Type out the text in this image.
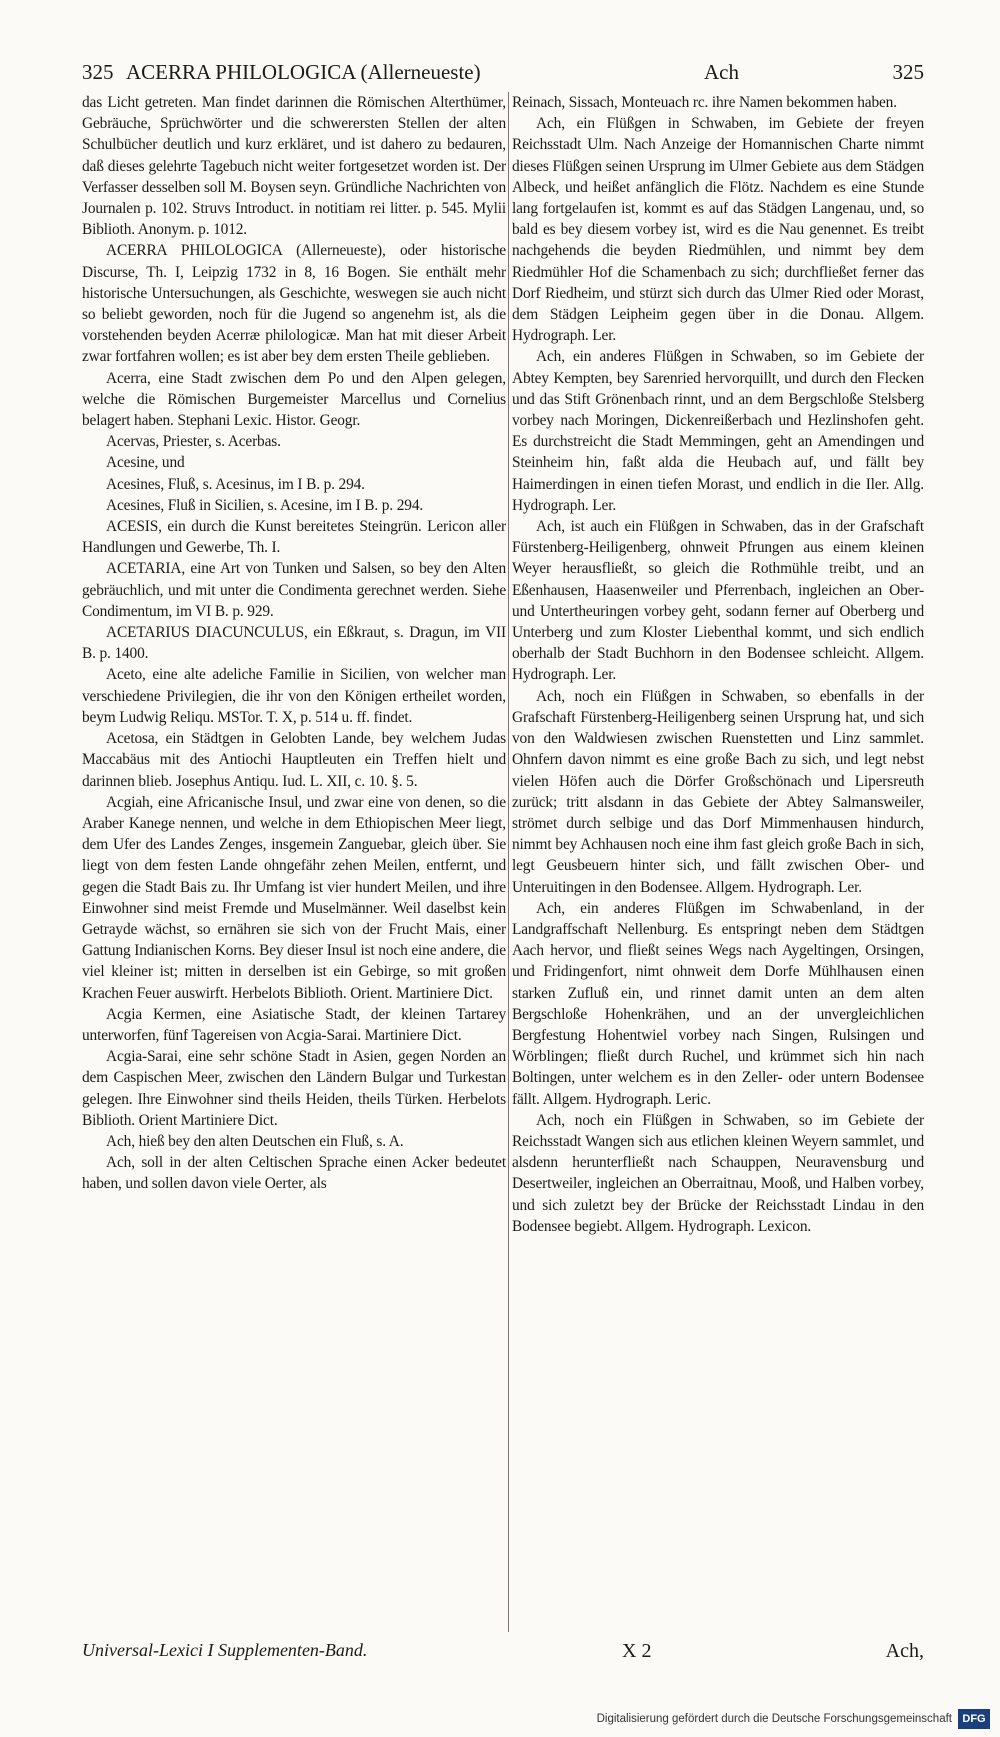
325 ACERRA PHILOLOGICA (Allerneueste)	Ach	325

das Licht getreten. Man findet darinnen die Römischen Alterthümer, Gebräuche, Sprüchwörter und die schwerersten Stellen der alten Schulbücher deutlich und kurz erkläret, und ist dahero zu bedauren, daß dieses gelehrte Tagebuch nicht weiter fortgesetzet worden ist. Der Verfasser desselben soll M. Boysen seyn. Gründliche Nachrichten von Journalen p. 102. Struvs Introduct. in notitiam rei litter. p. 545. Mylii Biblioth. Anonym. p. 1012.

ACERRA PHILOLOGICA (Allerneueste), oder historische Discurse, Th. I, Leipzig 1732 in 8, 16 Bogen. Sie enthält mehr historische Untersuchungen, als Geschichte, weswegen sie auch nicht so beliebt geworden, noch für die Jugend so angenehm ist, als die vorstehenden beyden Acerræ philologicæ. Man hat mit dieser Arbeit zwar fortfahren wollen; es ist aber bey dem ersten Theile geblieben.

Acerra, eine Stadt zwischen dem Po und den Alpen gelegen, welche die Römischen Burgemeister Marcellus und Cornelius belagert haben. Stephani Lexic. Histor. Geogr.

Acervas, Priester, s. Acerbas.

Acesine, und

Acesines, Fluß, s. Acesinus, im I B. p. 294.

Acesines, Fluß in Sicilien, s. Acesine, im I B. p. 294.

ACESIS, ein durch die Kunst bereitetes Steingrün. Lericon aller Handlungen und Gewerbe, Th. I.

ACETARIA, eine Art von Tunken und Salsen, so bey den Alten gebräuchlich, und mit unter die Condimenta gerechnet werden. Siehe Condimentum, im VI B. p. 929.

ACETARIUS DIACUNCULUS, ein Eßkraut, s. Dragun, im VII B. p. 1400.

Aceto, eine alte adeliche Familie in Sicilien, von welcher man verschiedene Privilegien, die ihr von den Königen ertheilet worden, beym Ludwig Reliqu. MSTor. T. X, p. 514 u. ff. findet.

Acetosa, ein Städtgen in Gelobten Lande, bey welchem Judas Maccabäus mit des Antiochi Hauptleuten ein Treffen hielt und darinnen blieb. Josephus Antiqu. Iud. L. XII, c. 10. §. 5.

Acgiah, eine Africanische Insul, und zwar eine von denen, so die Araber Kanege nennen, und welche in dem Ethiopischen Meer liegt, dem Ufer des Landes Zenges, insgemein Zanguebar, gleich über. Sie liegt von dem festen Lande ohngefähr zehen Meilen, entfernt, und gegen die Stadt Bais zu. Ihr Umfang ist vier hundert Meilen, und ihre Einwohner sind meist Fremde und Muselmänner. Weil daselbst kein Getrayde wächst, so ernähren sie sich von der Frucht Mais, einer Gattung Indianischen Korns. Bey dieser Insul ist noch eine andere, die viel kleiner ist; mitten in derselben ist ein Gebirge, so mit großen Krachen Feuer auswirft. Herbelots Biblioth. Orient. Martiniere Dict.

Acgia Kermen, eine Asiatische Stadt, der kleinen Tartarey unterworfen, fünf Tagereisen von Acgia-Sarai. Martiniere Dict.

Acgia-Sarai, eine sehr schöne Stadt in Asien, gegen Norden an dem Caspischen Meer, zwischen den Ländern Bulgar und Turkestan gelegen. Ihre Einwohner sind theils Heiden, theils Türken. Herbelots Biblioth. Orient Martiniere Dict.

Ach, hieß bey den alten Deutschen ein Fluß, s. A.

Ach, soll in der alten Celtischen Sprache einen Acker bedeutet haben, und sollen davon viele Oerter, als

Reinach, Sissach, Monteuach rc. ihre Namen bekommen haben.

Ach, ein Flüßgen in Schwaben, im Gebiete der freyen Reichsstadt Ulm. Nach Anzeige der Homannischen Charte nimmt dieses Flüßgen seinen Ursprung im Ulmer Gebiete aus dem Städgen Albeck, und heißet anfänglich die Flötz. Nachdem es eine Stunde lang fortgelaufen ist, kommt es auf das Städgen Langenau, und, so bald es bey diesem vorbey ist, wird es die Nau genennet. Es treibt nachgehends die beyden Riedmühlen, und nimmt bey dem Riedmühler Hof die Schamenbach zu sich; durchfließet ferner das Dorf Riedheim, und stürzt sich durch das Ulmer Ried oder Morast, dem Städgen Leipheim gegen über in die Donau. Allgem. Hydrograph. Ler.

Ach, ein anderes Flüßgen in Schwaben, so im Gebiete der Abtey Kempten, bey Sarenried hervorquillt, und durch den Flecken und das Stift Grönenbach rinnt, und an dem Bergschloße Stelsberg vorbey nach Moringen, Dickenreißerbach und Hezlinshofen geht. Es durchstreicht die Stadt Memmingen, geht an Amendingen und Steinheim hin, faßt alda die Heubach auf, und fällt bey Haimerdingen in einen tiefen Morast, und endlich in die Iler. Allg. Hydrograph. Ler.

Ach, ist auch ein Flüßgen in Schwaben, das in der Grafschaft Fürstenberg-Heiligenberg, ohnweit Pfrungen aus einem kleinen Weyer herausfließt, so gleich die Rothmühle treibt, und an Eßenhausen, Haasenweiler und Pferrenbach, ingleichen an Ober- und Untertheuringen vorbey geht, sodann ferner auf Oberberg und Unterberg und zum Kloster Liebenthal kommt, und sich endlich oberhalb der Stadt Buchhorn in den Bodensee schleicht. Allgem. Hydrograph. Ler.

Ach, noch ein Flüßgen in Schwaben, so ebenfalls in der Grafschaft Fürstenberg-Heiligenberg seinen Ursprung hat, und sich von den Waldwiesen zwischen Ruenstetten und Linz sammlet. Ohnfern davon nimmt es eine große Bach zu sich, und legt nebst vielen Höfen auch die Dörfer Großschönach und Lipersreuth zurück; tritt alsdann in das Gebiete der Abtey Salmansweiler, strömet durch selbige und das Dorf Mimmenhausen hindurch, nimmt bey Achhausen noch eine ihm fast gleich große Bach in sich, legt Geusbeuern hinter sich, und fällt zwischen Ober- und Unteruitingen in den Bodensee. Allgem. Hydrograph. Ler.

Ach, ein anderes Flüßgen im Schwabenland, in der Landgraffschaft Nellenburg. Es entspringt neben dem Städtgen Aach hervor, und fließt seines Wegs nach Aygeltingen, Orsingen, und Fridingenfort, nimt ohnweit dem Dorfe Mühlhausen einen starken Zufluß ein, und rinnet damit unten an dem alten Bergschloße Hohenkrähen, und an der unvergleichlichen Bergfestung Hohentwiel vorbey nach Singen, Rulsingen und Wörblingen; fließt durch Ruchel, und krümmet sich hin nach Boltingen, unter welchem es in den Zeller- oder untern Bodensee fällt. Allgem. Hydrograph. Leric.

Ach, noch ein Flüßgen in Schwaben, so im Gebiete der Reichsstadt Wangen sich aus etlichen kleinen Weyern sammlet, und alsdenn herunterfließt nach Schauppen, Neuravensburg und Desertweiler, ingleichen an Oberraitnau, Mooß, und Halben vorbey, und sich zuletzt bey der Brücke der Reichsstadt Lindau in den Bodensee begiebt. Allgem. Hydrograph. Lexicon.

Universal-Lexici I Supplementen-Band.	X 2	Ach,
Digitalisierung gefördert durch die Deutsche Forschungsgemeinschaft DFG
